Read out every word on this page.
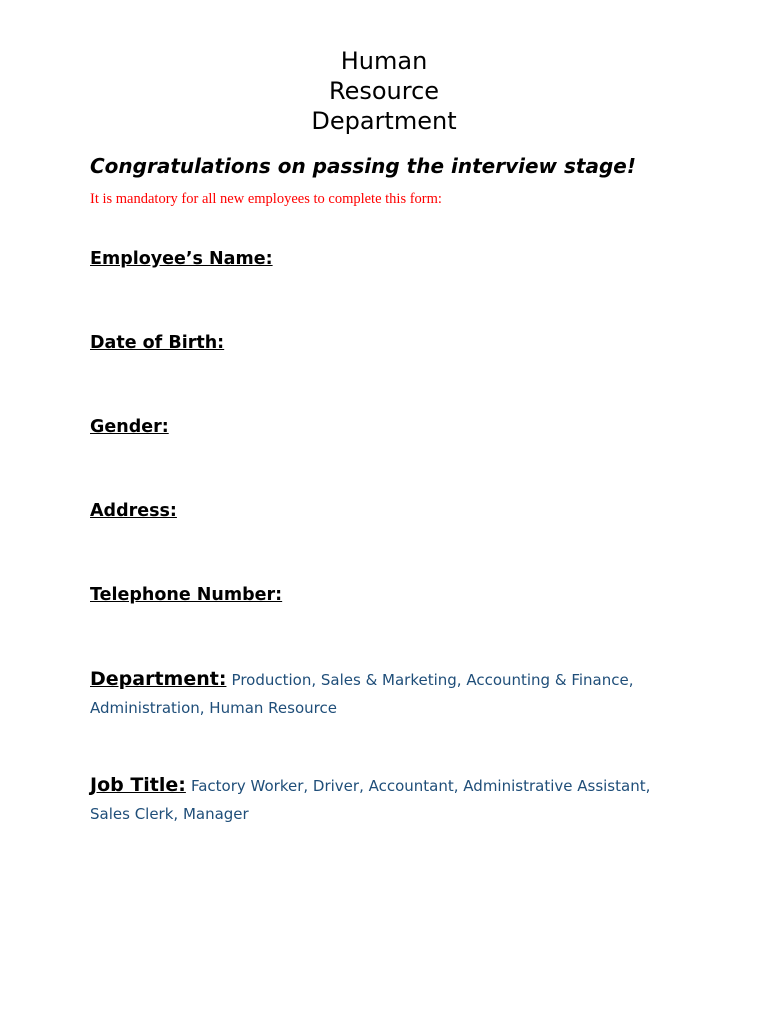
Human
Resource
Department
Congratulations on passing the interview stage!
It is mandatory for all new employees to complete this form:
Employee’s Name:
Date of Birth:
Gender:
Address:
Telephone Number:
Department: Production, Sales & Marketing, Accounting & Finance,
Administration, Human Resource
Job Title: Factory Worker, Driver, Accountant, Administrative Assistant,
Sales Clerk, Manager
